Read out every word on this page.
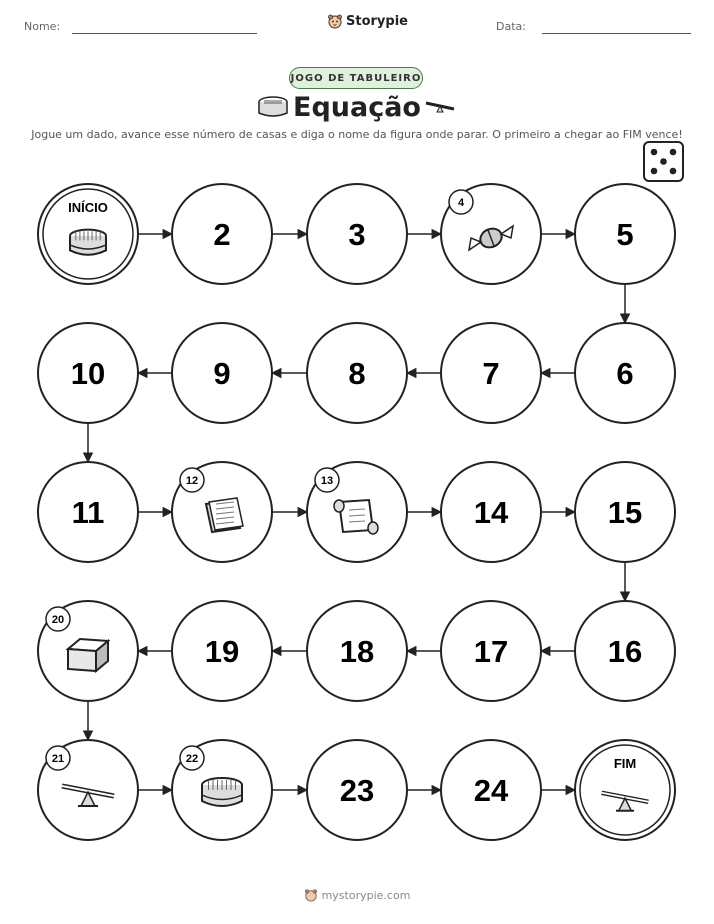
Nome:	Storypie	Data:
JOGO DE TABULEIRO
Equação
Jogue um dado, avance esse número de casas e diga o nome da figura onde parar. O primeiro a chegar ao FIM vence!
INÍCIO
2	3
4
5
6
7
8
9
10
11
12	13
14	15
16
17
18
19
20
21	22
23	24
FIM
mystorypie.com
